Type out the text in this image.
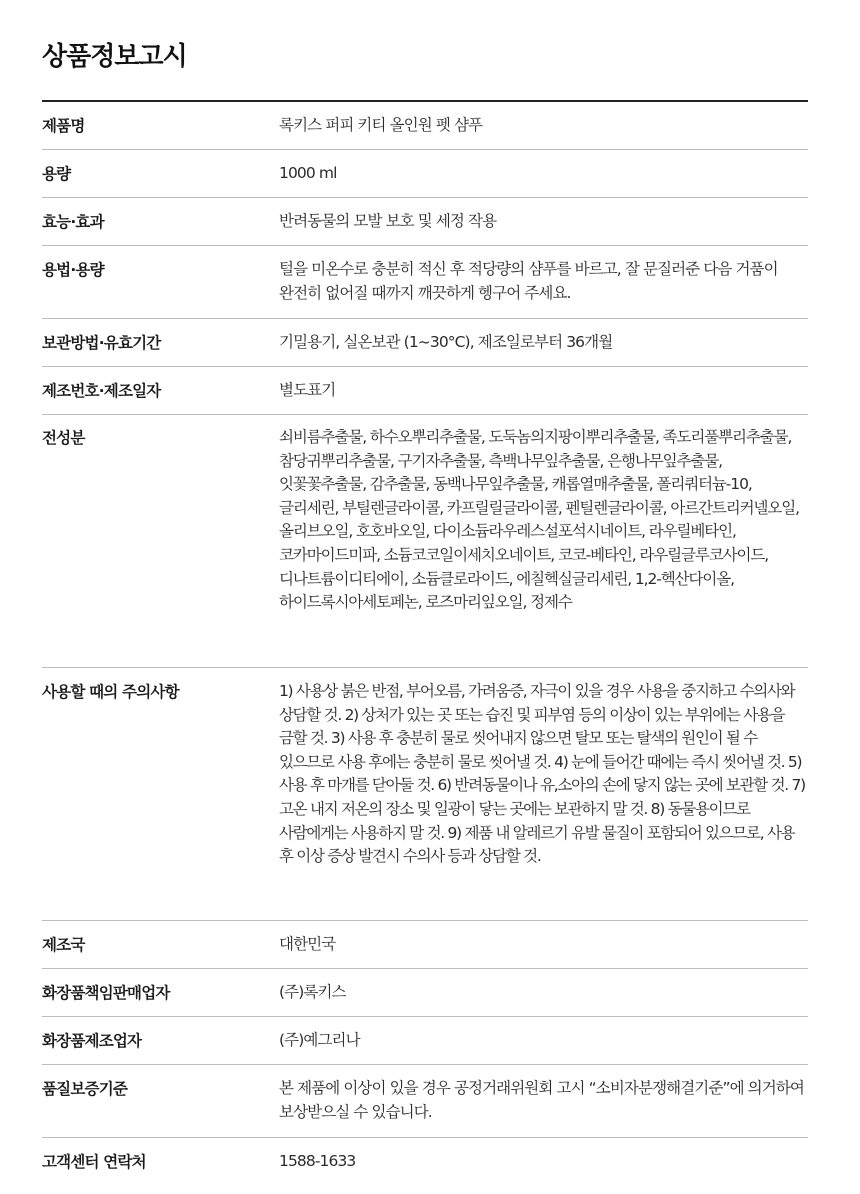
상품정보고시
제품명	록키스 퍼피 키티 올인원 펫 샴푸
용량	1000 ml
효능·효과	반려동물의 모발 보호 및 세정 작용
용법·용량	털을 미온수로 충분히 적신 후 적당량의 샴푸를 바르고, 잘 문질러준 다음 거품이 완전히 없어질 때까지 깨끗하게 헹구어 주세요.
보관방법·유효기간	기밀용기, 실온보관 (1~30°C), 제조일로부터 36개월
제조번호·제조일자	별도표기
전성분	쇠비름추출물, 하수오뿌리추출물, 도둑놈의지팡이뿌리추출물, 족도리풀뿌리추출물, 참당귀뿌리추출물, 구기자추출물, 측백나무잎추출물, 은행나무잎추출물, 잇꽃꽃추출물, 감추출물, 동백나무잎추출물, 캐롭열매추출물, 폴리쿼터늄-10, 글리세린, 부틸렌글라이콜, 카프릴릴글라이콜, 펜틸렌글라이콜, 아르간트리커넬오일, 올리브오일, 호호바오일, 다이소듐라우레스설포석시네이트, 라우릴베타인, 코카마이드미파, 소듐코코일이세치오네이트, 코코-베타인, 라우릴글루코사이드, 디나트륨이디티에이, 소듐클로라이드, 에칠헥실글리세린, 1,2-헥산다이올, 하이드록시아세토페논, 로즈마리잎오일, 정제수
사용할 때의 주의사항	1) 사용상 붉은 반점, 부어오름, 가려움증, 자극이 있을 경우 사용을 중지하고 수의사와 상담할 것. 2) 상처가 있는 곳 또는 습진 및 피부염 등의 이상이 있는 부위에는 사용을 금할 것. 3) 사용 후 충분히 물로 씻어내지 않으면 탈모 또는 탈색의 원인이 될 수 있으므로 사용 후에는 충분히 물로 씻어낼 것. 4) 눈에 들어간 때에는 즉시 씻어낼 것. 5) 사용 후 마개를 닫아둘 것. 6) 반려동물이나 유,소아의 손에 닿지 않는 곳에 보관할 것. 7) 고온 내지 저온의 장소 및 일광이 닿는 곳에는 보관하지 말 것. 8) 동물용이므로 사람에게는 사용하지 말 것. 9) 제품 내 알레르기 유발 물질이 포함되어 있으므로, 사용 후 이상 증상 발견시 수의사 등과 상담할 것.
제조국	대한민국
화장품책임판매업자	(주)록키스
화장품제조업자	(주)예그리나
품질보증기준	본 제품에 이상이 있을 경우 공정거래위원회 고시 “소비자분쟁해결기준”에 의거하여 보상받으실 수 있습니다.
고객센터 연락처	1588-1633
